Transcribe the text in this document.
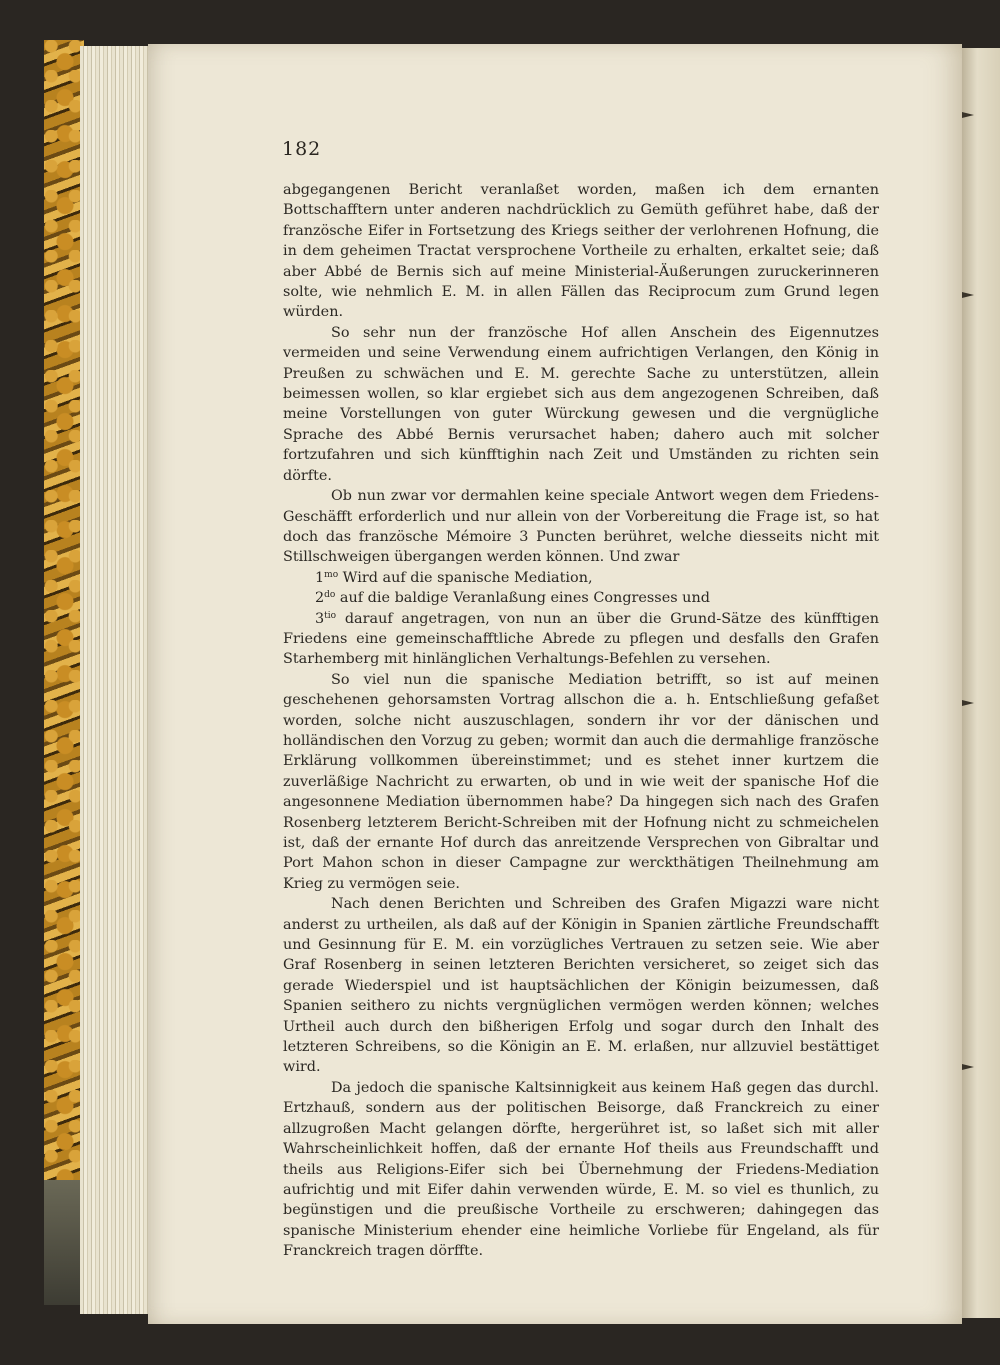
182

abgegangenen Bericht veranlaßet worden, maßen ich dem ernanten Bottschafftern unter anderen nachdrücklich zu Gemüth geführet habe, daß der französche Eifer in Fortsetzung des Kriegs seither der verlohrenen Hofnung, die in dem geheimen Tractat versprochene Vortheile zu erhalten, erkaltet seie; daß aber Abbé de Bernis sich auf meine Ministerial-Äußerungen zuruckerinneren solte, wie nehmlich E. M. in allen Fällen das Reciprocum zum Grund legen würden.

So sehr nun der französche Hof allen Anschein des Eigennutzes vermeiden und seine Verwendung einem aufrichtigen Verlangen, den König in Preußen zu schwächen und E. M. gerechte Sache zu unterstützen, allein beimessen wollen, so klar ergiebet sich aus dem angezogenen Schreiben, daß meine Vorstellungen von guter Würckung gewesen und die vergnügliche Sprache des Abbé Bernis verursachet haben; dahero auch mit solcher fortzufahren und sich künfftighin nach Zeit und Umständen zu richten sein dörfte.

Ob nun zwar vor dermahlen keine speciale Antwort wegen dem Friedens-Geschäfft erforderlich und nur allein von der Vorbereitung die Frage ist, so hat doch das französche Mémoire 3 Puncten berühret, welche diesseits nicht mit Stillschweigen übergangen werden können. Und zwar

$1^{mo}$ Wird auf die spanische Mediation,

$2^{do}$ auf die baldige Veranlaßung eines Congresses und

$3^{tio}$ darauf angetragen, von nun an über die Grund-Sätze des künfftigen Friedens eine gemeinschafftliche Abrede zu pflegen und desfalls den Grafen Starhemberg mit hinlänglichen Verhaltungs-Befehlen zu versehen.

So viel nun die spanische Mediation betrifft, so ist auf meinen geschehenen gehorsamsten Vortrag allschon die a. h. Entschließung gefaßet worden, solche nicht auszuschlagen, sondern ihr vor der dänischen und holländischen den Vorzug zu geben; wormit dan auch die dermahlige französche Erklärung vollkommen übereinstimmet; und es stehet inner kurtzem die zuverläßige Nachricht zu erwarten, ob und in wie weit der spanische Hof die angesonnene Mediation übernommen habe? Da hingegen sich nach des Grafen Rosenberg letzterem Bericht-Schreiben mit der Hofnung nicht zu schmeichelen ist, daß der ernante Hof durch das anreitzende Versprechen von Gibraltar und Port Mahon schon in dieser Campagne zur werckthätigen Theilnehmung am Krieg zu vermögen seie.

Nach denen Berichten und Schreiben des Grafen Migazzi ware nicht anderst zu urtheilen, als daß auf der Königin in Spanien zärtliche Freundschafft und Gesinnung für E. M. ein vorzügliches Vertrauen zu setzen seie. Wie aber Graf Rosenberg in seinen letzteren Berichten versicheret, so zeiget sich das gerade Wiederspiel und ist hauptsächlichen der Königin beizumessen, daß Spanien seithero zu nichts vergnüglichen vermögen werden können; welches Urtheil auch durch den bißherigen Erfolg und sogar durch den Inhalt des letzteren Schreibens, so die Königin an E. M. erlaßen, nur allzuviel bestättiget wird.

Da jedoch die spanische Kaltsinnigkeit aus keinem Haß gegen das durchl. Ertzhauß, sondern aus der politischen Beisorge, daß Franckreich zu einer allzugroßen Macht gelangen dörfte, hergerühret ist, so laßet sich mit aller Wahrscheinlichkeit hoffen, daß der ernante Hof theils aus Freundschafft und theils aus Religions-Eifer sich bei Übernehmung der Friedens-Mediation aufrichtig und mit Eifer dahin verwenden würde, E. M. so viel es thunlich, zu begünstigen und die preußische Vortheile zu erschweren; dahingegen das spanische Ministerium ehender eine heimliche Vorliebe für Engeland, als für Franckreich tragen dörffte.
